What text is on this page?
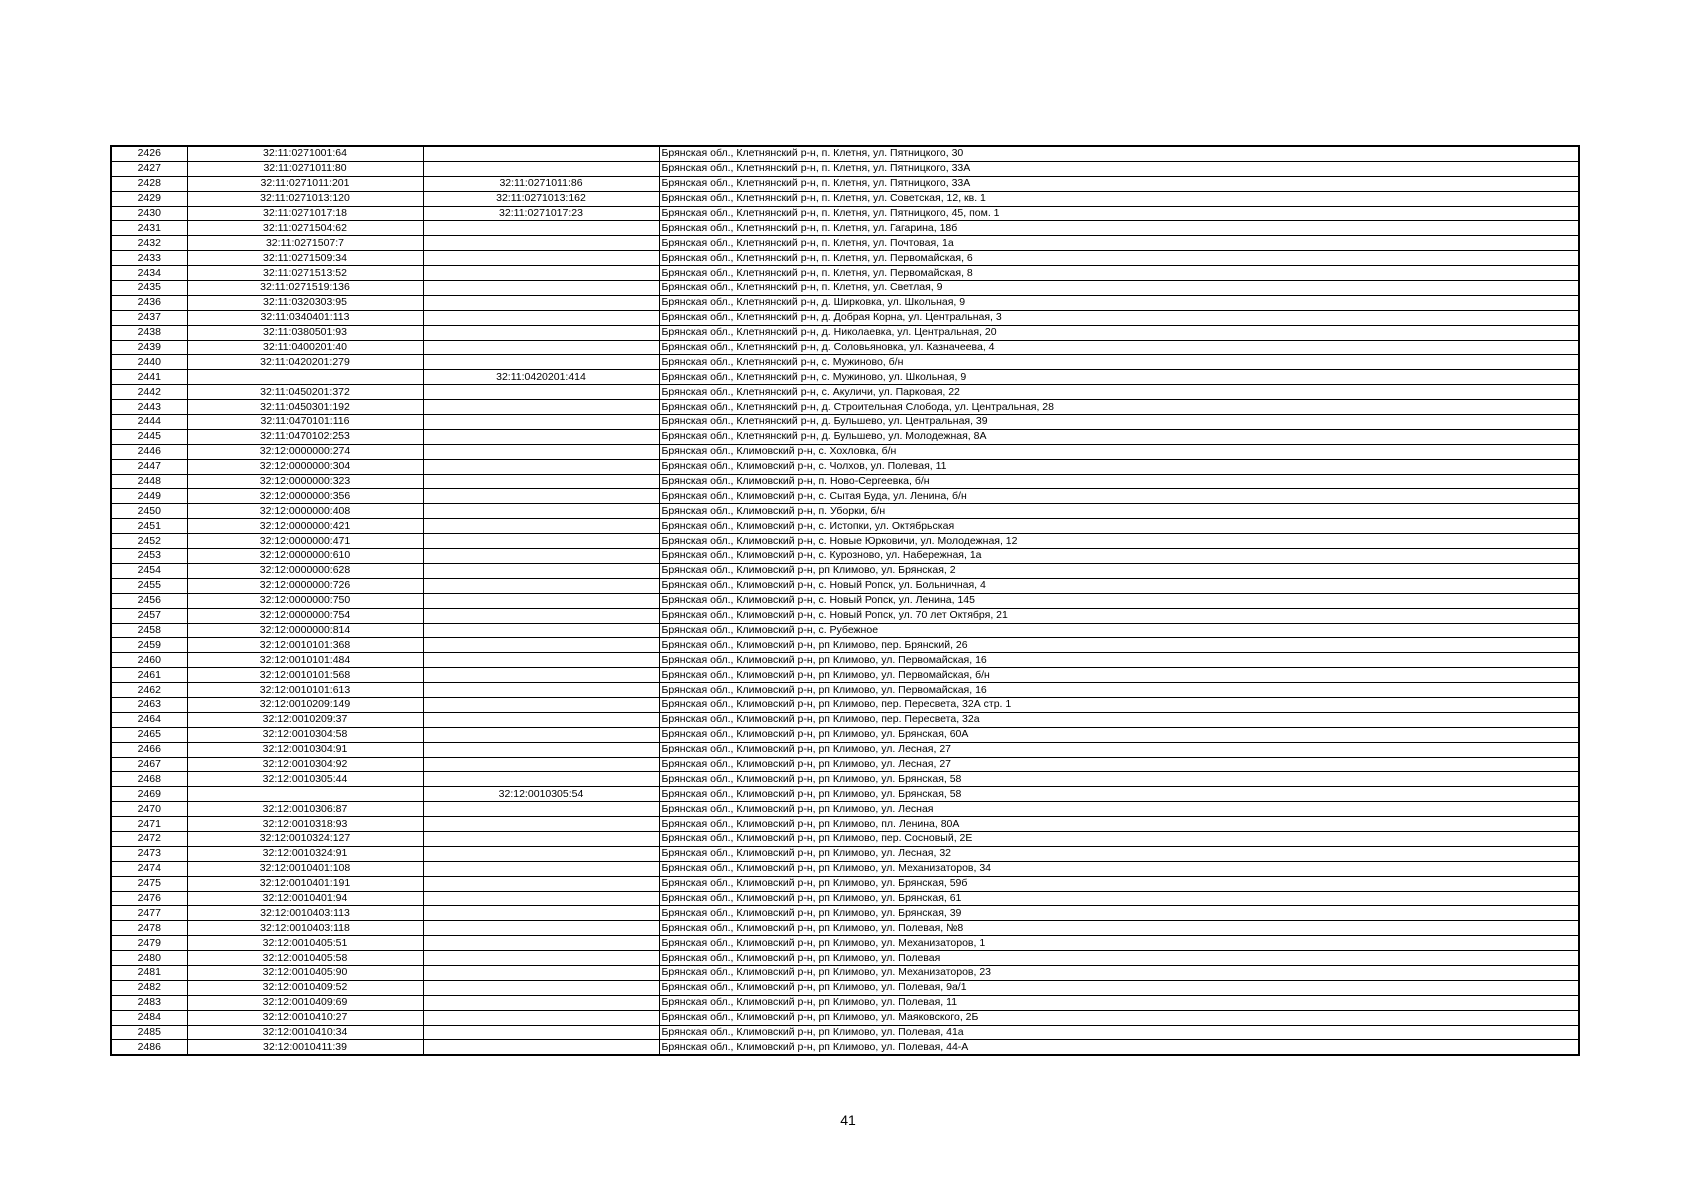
2426	32:11:0271001:64		Брянская обл., Клетнянский р-н, п. Клетня, ул. Пятницкого, 30
2427	32:11:0271011:80		Брянская обл., Клетнянский р-н, п. Клетня, ул. Пятницкого, 33А
2428	32:11:0271011:201	32:11:0271011:86	Брянская обл., Клетнянский р-н, п. Клетня, ул. Пятницкого, 33А
2429	32:11:0271013:120	32:11:0271013:162	Брянская обл., Клетнянский р-н, п. Клетня, ул. Советская, 12, кв. 1
2430	32:11:0271017:18	32:11:0271017:23	Брянская обл., Клетнянский р-н, п. Клетня, ул. Пятницкого, 45, пом. 1
2431	32:11:0271504:62		Брянская обл., Клетнянский р-н, п. Клетня, ул. Гагарина, 18б
2432	32:11:0271507:7		Брянская обл., Клетнянский р-н, п. Клетня, ул. Почтовая, 1а
2433	32:11:0271509:34		Брянская обл., Клетнянский р-н, п. Клетня, ул. Первомайская, 6
2434	32:11:0271513:52		Брянская обл., Клетнянский р-н, п. Клетня, ул. Первомайская, 8
2435	32:11:0271519:136		Брянская обл., Клетнянский р-н, п. Клетня, ул. Светлая, 9
2436	32:11:0320303:95		Брянская обл., Клетнянский р-н, д. Ширковка, ул. Школьная, 9
2437	32:11:0340401:113		Брянская обл., Клетнянский р-н, д. Добрая Корна, ул. Центральная, 3
2438	32:11:0380501:93		Брянская обл., Клетнянский р-н, д. Николаевка, ул. Центральная, 20
2439	32:11:0400201:40		Брянская обл., Клетнянский р-н, д. Соловьяновка, ул. Казначеева, 4
2440	32:11:0420201:279		Брянская обл., Клетнянский р-н, с. Мужиново, б/н
2441		32:11:0420201:414	Брянская обл., Клетнянский р-н, с. Мужиново, ул. Школьная, 9
2442	32:11:0450201:372		Брянская обл., Клетнянский р-н, с. Акуличи, ул. Парковая, 22
2443	32:11:0450301:192		Брянская обл., Клетнянский р-н, д. Строительная Слобода, ул. Центральная, 28
2444	32:11:0470101:116		Брянская обл., Клетнянский р-н, д. Бульшево, ул. Центральная, 39
2445	32:11:0470102:253		Брянская обл., Клетнянский р-н, д. Бульшево, ул. Молодежная, 8А
2446	32:12:0000000:274		Брянская обл., Климовский р-н, с. Хохловка, б/н
2447	32:12:0000000:304		Брянская обл., Климовский р-н, с. Чолхов, ул. Полевая, 11
2448	32:12:0000000:323		Брянская обл., Климовский р-н, п. Ново-Сергеевка, б/н
2449	32:12:0000000:356		Брянская обл., Климовский р-н, с. Сытая Буда, ул. Ленина, б/н
2450	32:12:0000000:408		Брянская обл., Климовский р-н, п. Уборки, б/н
2451	32:12:0000000:421		Брянская обл., Климовский р-н, с. Истопки, ул. Октябрьская
2452	32:12:0000000:471		Брянская обл., Климовский р-н, с. Новые Юрковичи, ул. Молодежная, 12
2453	32:12:0000000:610		Брянская обл., Климовский р-н, с. Курозново, ул. Набережная, 1а
2454	32:12:0000000:628		Брянская обл., Климовский р-н, рп Климово, ул. Брянская, 2
2455	32:12:0000000:726		Брянская обл., Климовский р-н, с. Новый Ропск, ул. Больничная, 4
2456	32:12:0000000:750		Брянская обл., Климовский р-н, с. Новый Ропск, ул. Ленина, 145
2457	32:12:0000000:754		Брянская обл., Климовский р-н, с. Новый Ропск, ул. 70 лет Октября, 21
2458	32:12:0000000:814		Брянская обл., Климовский р-н, с. Рубежное
2459	32:12:0010101:368		Брянская обл., Климовский р-н, рп Климово, пер. Брянский, 26
2460	32:12:0010101:484		Брянская обл., Климовский р-н, рп Климово, ул. Первомайская, 16
2461	32:12:0010101:568		Брянская обл., Климовский р-н, рп Климово, ул. Первомайская, б/н
2462	32:12:0010101:613		Брянская обл., Климовский р-н, рп Климово, ул. Первомайская, 16
2463	32:12:0010209:149		Брянская обл., Климовский р-н, рп Климово, пер. Пересвета, 32А стр. 1
2464	32:12:0010209:37		Брянская обл., Климовский р-н, рп Климово, пер. Пересвета, 32а
2465	32:12:0010304:58		Брянская обл., Климовский р-н, рп Климово, ул. Брянская, 60А
2466	32:12:0010304:91		Брянская обл., Климовский р-н, рп Климово, ул. Лесная, 27
2467	32:12:0010304:92		Брянская обл., Климовский р-н, рп Климово, ул. Лесная, 27
2468	32:12:0010305:44		Брянская обл., Климовский р-н, рп Климово, ул. Брянская, 58
2469		32:12:0010305:54	Брянская обл., Климовский р-н, рп Климово, ул. Брянская, 58
2470	32:12:0010306:87		Брянская обл., Климовский р-н, рп Климово, ул. Лесная
2471	32:12:0010318:93		Брянская обл., Климовский р-н, рп Климово, пл. Ленина, 80А
2472	32:12:0010324:127		Брянская обл., Климовский р-н, рп Климово, пер. Сосновый, 2Е
2473	32:12:0010324:91		Брянская обл., Климовский р-н, рп Климово, ул. Лесная, 32
2474	32:12:0010401:108		Брянская обл., Климовский р-н, рп Климово, ул. Механизаторов, 34
2475	32:12:0010401:191		Брянская обл., Климовский р-н, рп Климово, ул. Брянская, 59б
2476	32:12:0010401:94		Брянская обл., Климовский р-н, рп Климово, ул. Брянская, 61
2477	32:12:0010403:113		Брянская обл., Климовский р-н, рп Климово, ул. Брянская, 39
2478	32:12:0010403:118		Брянская обл., Климовский р-н, рп Климово, ул. Полевая, №8
2479	32:12:0010405:51		Брянская обл., Климовский р-н, рп Климово, ул. Механизаторов, 1
2480	32:12:0010405:58		Брянская обл., Климовский р-н, рп Климово, ул. Полевая
2481	32:12:0010405:90		Брянская обл., Климовский р-н, рп Климово, ул. Механизаторов, 23
2482	32:12:0010409:52		Брянская обл., Климовский р-н, рп Климово, ул. Полевая, 9а/1
2483	32:12:0010409:69		Брянская обл., Климовский р-н, рп Климово, ул. Полевая, 11
2484	32:12:0010410:27		Брянская обл., Климовский р-н, рп Климово, ул. Маяковского, 2Б
2485	32:12:0010410:34		Брянская обл., Климовский р-н, рп Климово, ул. Полевая, 41а
2486	32:12:0010411:39		Брянская обл., Климовский р-н, рп Климово, ул. Полевая, 44-А
41
